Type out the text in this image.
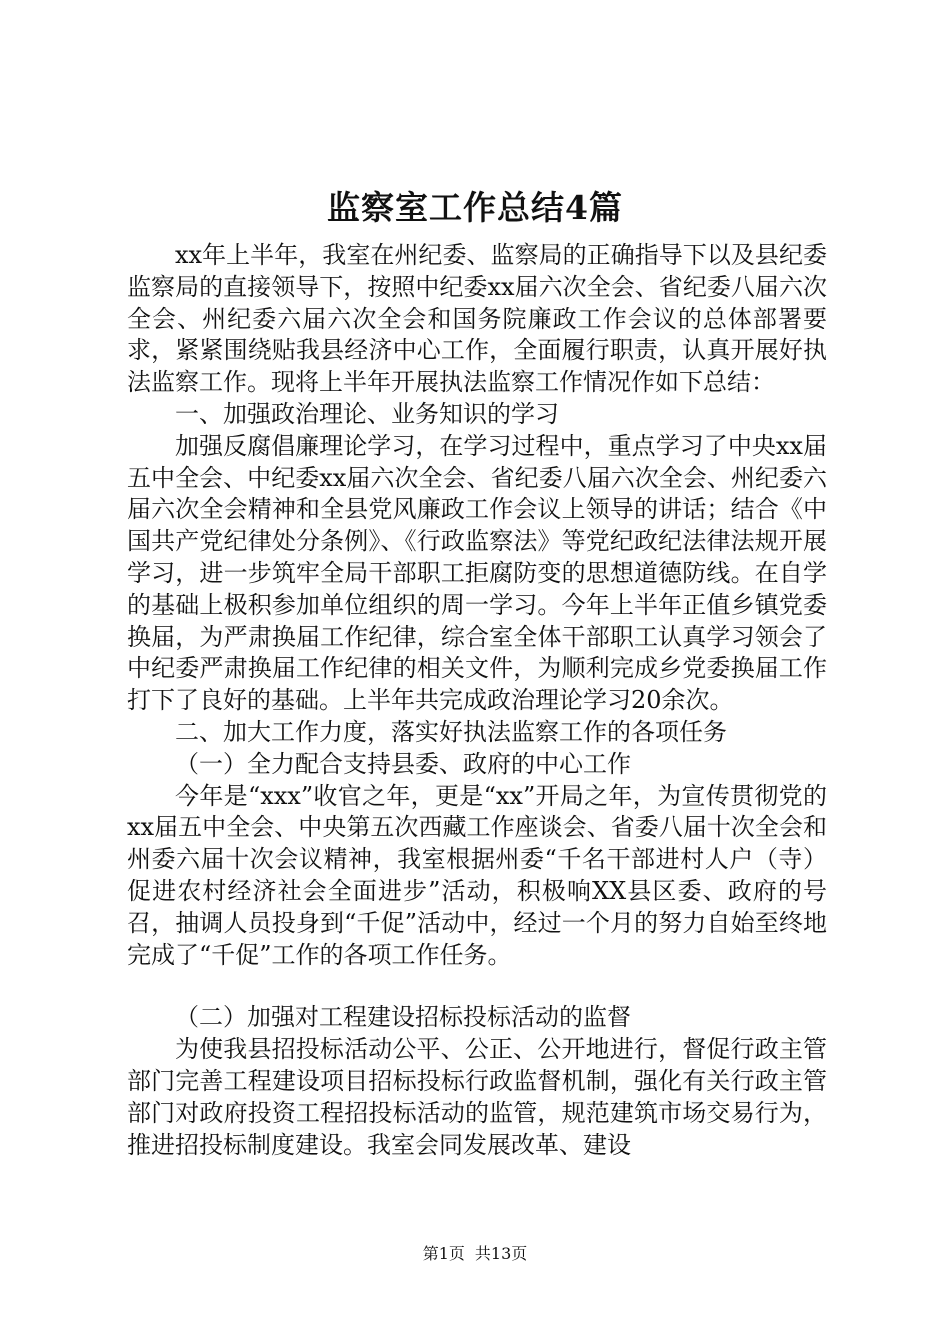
监察室工作总结4篇

xx年上半年，我室在州纪委、监察局的正确指导下以及县纪委监察局的直接领导下，按照中纪委xx届六次全会、省纪委八届六次全会、州纪委六届六次全会和国务院廉政工作会议的总体部署要求，紧紧围绕贴我县经济中心工作，全面履行职责，认真开展好执法监察工作。现将上半年开展执法监察工作情况作如下总结：

一、加强政治理论、业务知识的学习

加强反腐倡廉理论学习，在学习过程中，重点学习了中央xx届五中全会、中纪委xx届六次全会、省纪委八届六次全会、州纪委六届六次全会精神和全县党风廉政工作会议上领导的讲话；结合《中国共产党纪律处分条例》、《行政监察法》等党纪政纪法律法规开展学习，进一步筑牢全局干部职工拒腐防变的思想道德防线。在自学的基础上极积参加单位组织的周一学习。今年上半年正值乡镇党委换届，为严肃换届工作纪律，综合室全体干部职工认真学习领会了中纪委严肃换届工作纪律的相关文件，为顺利完成乡党委换届工作打下了良好的基础。上半年共完成政治理论学习20余次。

二、加大工作力度，落实好执法监察工作的各项任务

（一）全力配合支持县委、政府的中心工作

今年是“xxx”收官之年，更是“xx”开局之年，为宣传贯彻党的xx届五中全会、中央第五次西藏工作座谈会、省委八届十次全会和州委六届十次会议精神，我室根据州委“千名干部进村人户（寺）促进农村经济社会全面进步”活动，积极响XX县区委、政府的号召，抽调人员投身到“千促”活动中，经过一个月的努力自始至终地完成了“千促”工作的各项工作任务。

（二）加强对工程建设招标投标活动的监督

为使我县招投标活动公平、公正、公开地进行，督促行政主管部门完善工程建设项目招标投标行政监督机制，强化有关行政主管部门对政府投资工程招投标活动的监管，规范建筑市场交易行为，推进招投标制度建设。我室会同发展改革、建设

第1页 共13页
